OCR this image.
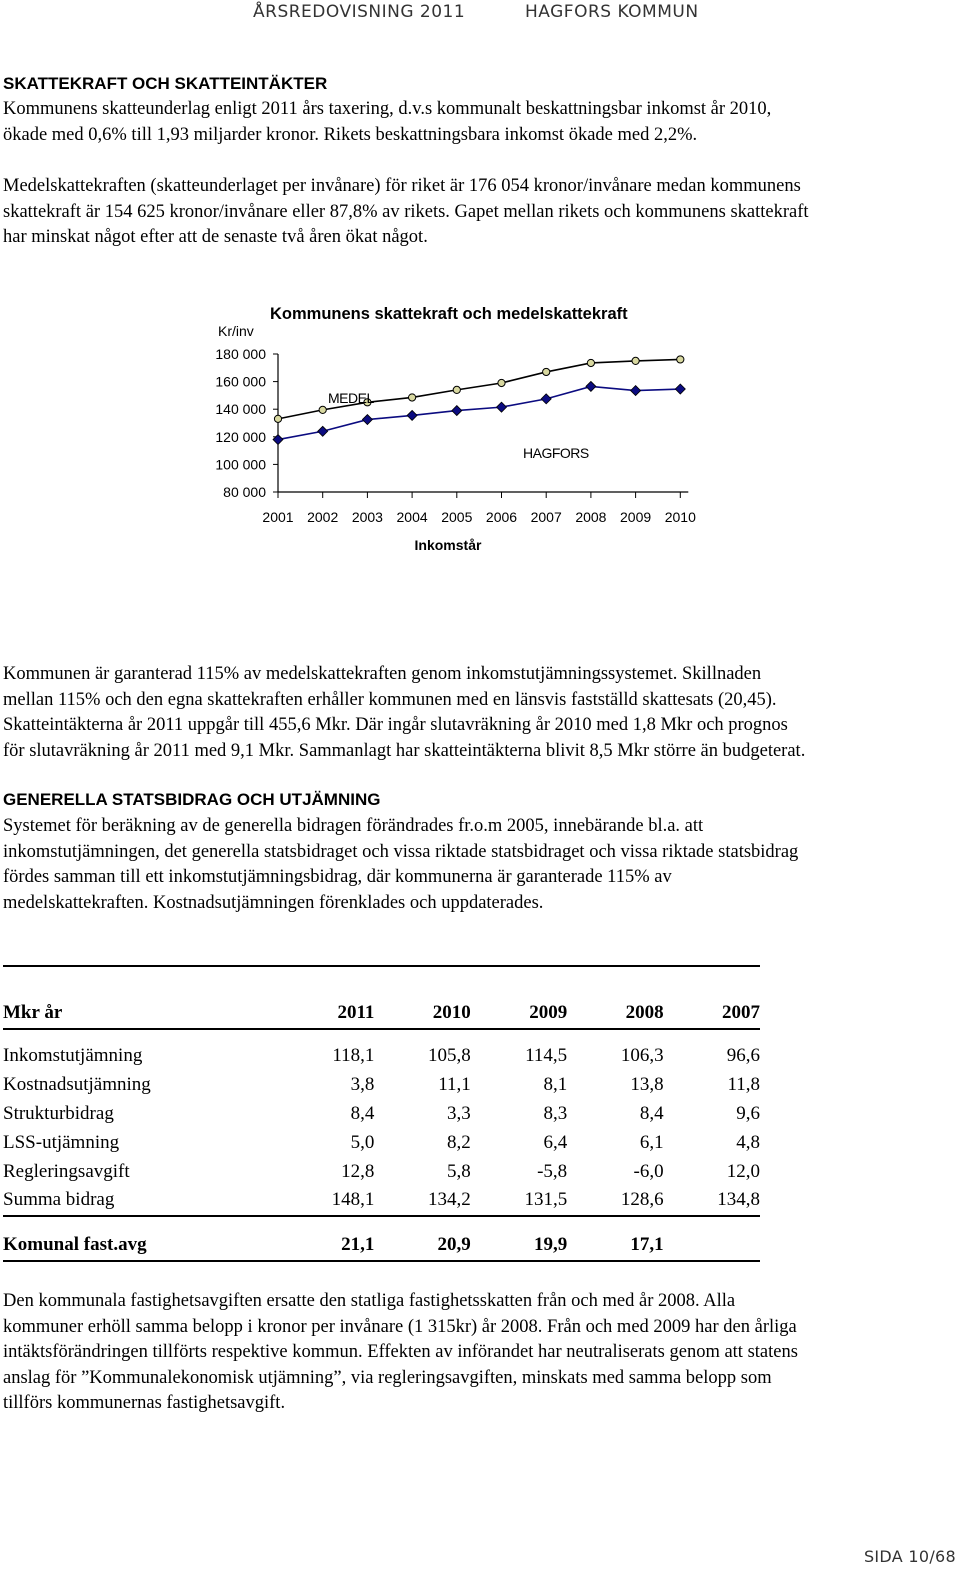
ÅRSREDOVISNING 2011	HAGFORS KOMMUN
SKATTEKRAFT OCH SKATTEINTÄKTER
Kommunens skatteunderlag enligt 2011 års taxering, d.v.s kommunalt beskattningsbar inkomst år 2010,
ökade med 0,6% till 1,93 miljarder kronor. Rikets beskattningsbara inkomst ökade med 2,2%.
Medelskattekraften (skatteunderlaget per invånare) för riket är 176 054 kronor/invånare medan kommunens
skattekraft är 154 625 kronor/invånare eller 87,8% av rikets. Gapet mellan rikets och kommunens skattekraft
har minskat något efter att de senaste två åren ökat något.
Kommunens skattekraft och medelskattekraft
Kr/inv
Inkomstår
180 000
160 000
140 000
120 000
100 000
80 000
2001 2002 2003 2004 2005 2006 2007 2008 2009 2010
MEDEL
HAGFORS
Kommunen är garanterad 115% av medelskattekraften genom inkomstutjämningssystemet. Skillnaden
mellan 115% och den egna skattekraften erhåller kommunen med en länsvis fastställd skattesats (20,45).
Skatteintäkterna år 2011 uppgår till 455,6 Mkr. Där ingår slutavräkning år 2010 med 1,8 Mkr och prognos
för slutavräkning år 2011 med 9,1 Mkr. Sammanlagt har skatteintäkterna blivit 8,5 Mkr större än budgeterat.
GENERELLA STATSBIDRAG OCH UTJÄMNING
Systemet för beräkning av de generella bidragen förändrades fr.o.m 2005, innebärande bl.a. att
inkomstutjämningen, det generella statsbidraget och vissa riktade statsbidraget och vissa riktade statsbidrag
fördes samman till ett inkomstutjämningsbidrag, där kommunerna är garanterade 115% av
medelskattekraften. Kostnadsutjämningen förenklades och uppdaterades.
Mkr år	2011	2010	2009	2008	2007

Inkomstutjämning	118,1	105,8	114,5	106,3	96,6
Kostnadsutjämning	3,8	11,1	8,1	13,8	11,8
Strukturbidrag	8,4	3,3	8,3	8,4	9,6
LSS-utjämning	5,0	8,2	6,4	6,1	4,8
Regleringsavgift	12,8	5,8	-5,8	-6,0	12,0
Summa bidrag	148,1	134,2	131,5	128,6	134,8

Komunal fast.avg	21,1	20,9	19,9	17,1	
Den kommunala fastighetsavgiften ersatte den statliga fastighetsskatten från och med år 2008. Alla
kommuner erhöll samma belopp i kronor per invånare (1 315kr) år 2008. Från och med 2009 har den årliga
intäktsförändringen tillförts respektive kommun. Effekten av införandet har neutraliserats genom att statens
anslag för ”Kommunalekonomisk utjämning”, via regleringsavgiften, minskats med samma belopp som
tillförs kommunernas fastighetsavgift.
SIDA 10/68
